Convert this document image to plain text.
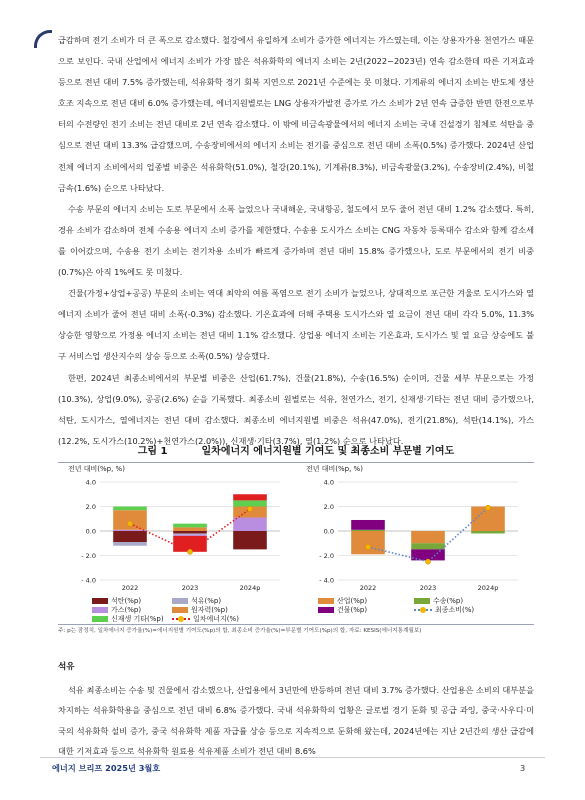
급감하며 전기 소비가 더 큰 폭으로 감소했다. 철강에서 유일하게 소비가 증가한 에너지는 가스였는데, 이는 상용자가용 천연가스 때문으로 보인다. 국내 산업에서 에너지 소비가 가장 많은 석유화학의 에너지 소비는 2년(2022~2023년) 연속 감소한데 따른 기저효과 등으로 전년 대비 7.5% 증가했는데, 석유화학 경기 회복 지연으로 2021년 수준에는 못 미쳤다. 기계류의 에너지 소비는 반도체 생산 호조 지속으로 전년 대비 6.0% 증가했는데, 에너지원별로는 LNG 상용자가발전 증가로 가스 소비가 2년 연속 급증한 반면 한전으로부터의 수전량인 전기 소비는 전년 대비로 2년 연속 감소했다. 이 밖에 비금속광물에서의 에너지 소비는 국내 건설경기 침체로 석탄을 중심으로 전년 대비 13.3% 급감했으며, 수송장비에서의 에너지 소비는 전기를 중심으로 전년 대비 소폭(0.5%) 증가했다. 2024년 산업 전체 에너지 소비에서의 업종별 비중은 석유화학(51.0%), 철강(20.1%), 기계류(8.3%), 비금속광물(3.2%), 수송장비(2.4%), 비철금속(1.6%) 순으로 나타났다.

수송 부문의 에너지 소비는 도로 부문에서 소폭 늘었으나 국내해운, 국내항공, 철도에서 모두 줄어 전년 대비 1.2% 감소했다. 특히, 경유 소비가 감소하며 전체 수송용 에너지 소비 증가를 제한했다. 수송용 도시가스 소비는 CNG 자동차 등록대수 감소와 함께 감소세를 이어갔으며, 수송용 전기 소비는 전기차용 소비가 빠르게 증가하며 전년 대비 15.8% 증가했으나, 도로 부문에서의 전기 비중(0.7%)은 아직 1%에도 못 미쳤다.

건물(가정+상업+공공) 부문의 소비는 역대 최악의 여름 폭염으로 전기 소비가 늘었으나, 상대적으로 포근한 겨울로 도시가스와 열에너지 소비가 줄어 전년 대비 소폭(-0.3%) 감소했다. 기온효과에 더해 주택용 도시가스와 열 요금이 전년 대비 각각 5.0%, 11.3% 상승한 영향으로 가정용 에너지 소비는 전년 대비 1.1% 감소했다. 상업용 에너지 소비는 기온효과, 도시가스 및 열 요금 상승에도 불구 서비스업 생산지수의 상승 등으로 소폭(0.5%) 상승했다.

한편, 2024년 최종소비에서의 부문별 비중은 산업(61.7%), 건물(21.8%), 수송(16.5%) 순이며, 건물 세부 부문으로는 가정(10.3%), 상업(9.0%), 공공(2.6%) 순을 기록했다. 최종소비 원별로는 석유, 천연가스, 전기, 신재생·기타는 전년 대비 증가했으나, 석탄, 도시가스, 열에너지는 전년 대비 감소했다. 최종소비 에너지원별 비중은 석유(47.0%), 전기(21.8%), 석탄(14.1%), 가스(12.2%, 도시가스(10.2%)+천연가스(2.0%)), 신재생·기타(3.7%), 열(1.2%) 순으로 나타났다.

그림 1	일차에너지 에너지원별 기여도 및 최종소비 부문별 기여도
전년 대비(%p, %)
4.0
2.0
0.0
- 2.0
- 4.0
2022	2023	2024p
전년 대비(%p, %)
4.0
2.0
0.0
- 2.0
- 4.0
2022	2023	2024p
석탄(%p)	석유(%p)
가스(%p)	원자력(%p)
신재생 기타(%p)	일차에너지(%)
산업(%p)	수송(%p)
건물(%p)	최종소비(%)
주: p는 잠정치, 일차에너지 증가율(%)=에너지원별 기여도(%p)의 합, 최종소비 증가율(%)=부문별 기여도(%p)의 합, 자료: KESIS(에너지통계월보)
석유

석유 최종소비는 수송 및 건물에서 감소했으나, 산업용에서 3년만에 반등하며 전년 대비 3.7% 증가했다. 산업용은 소비의 대부분을 차지하는 석유화학용을 중심으로 전년 대비 6.8% 증가했다. 국내 석유화학의 업황은 글로벌 경기 둔화 및 공급 과잉, 중국·사우디·미국의 석유화학 설비 증가, 중국 석유화학 제품 자급률 상승 등으로 지속적으로 둔화해 왔는데, 2024년에는 지난 2년간의 생산 급감에 대한 기저효과 등으로 석유화학 원료용 석유제품 소비가 전년 대비 8.6%

에너지 브리프 2025년 3월호	3
